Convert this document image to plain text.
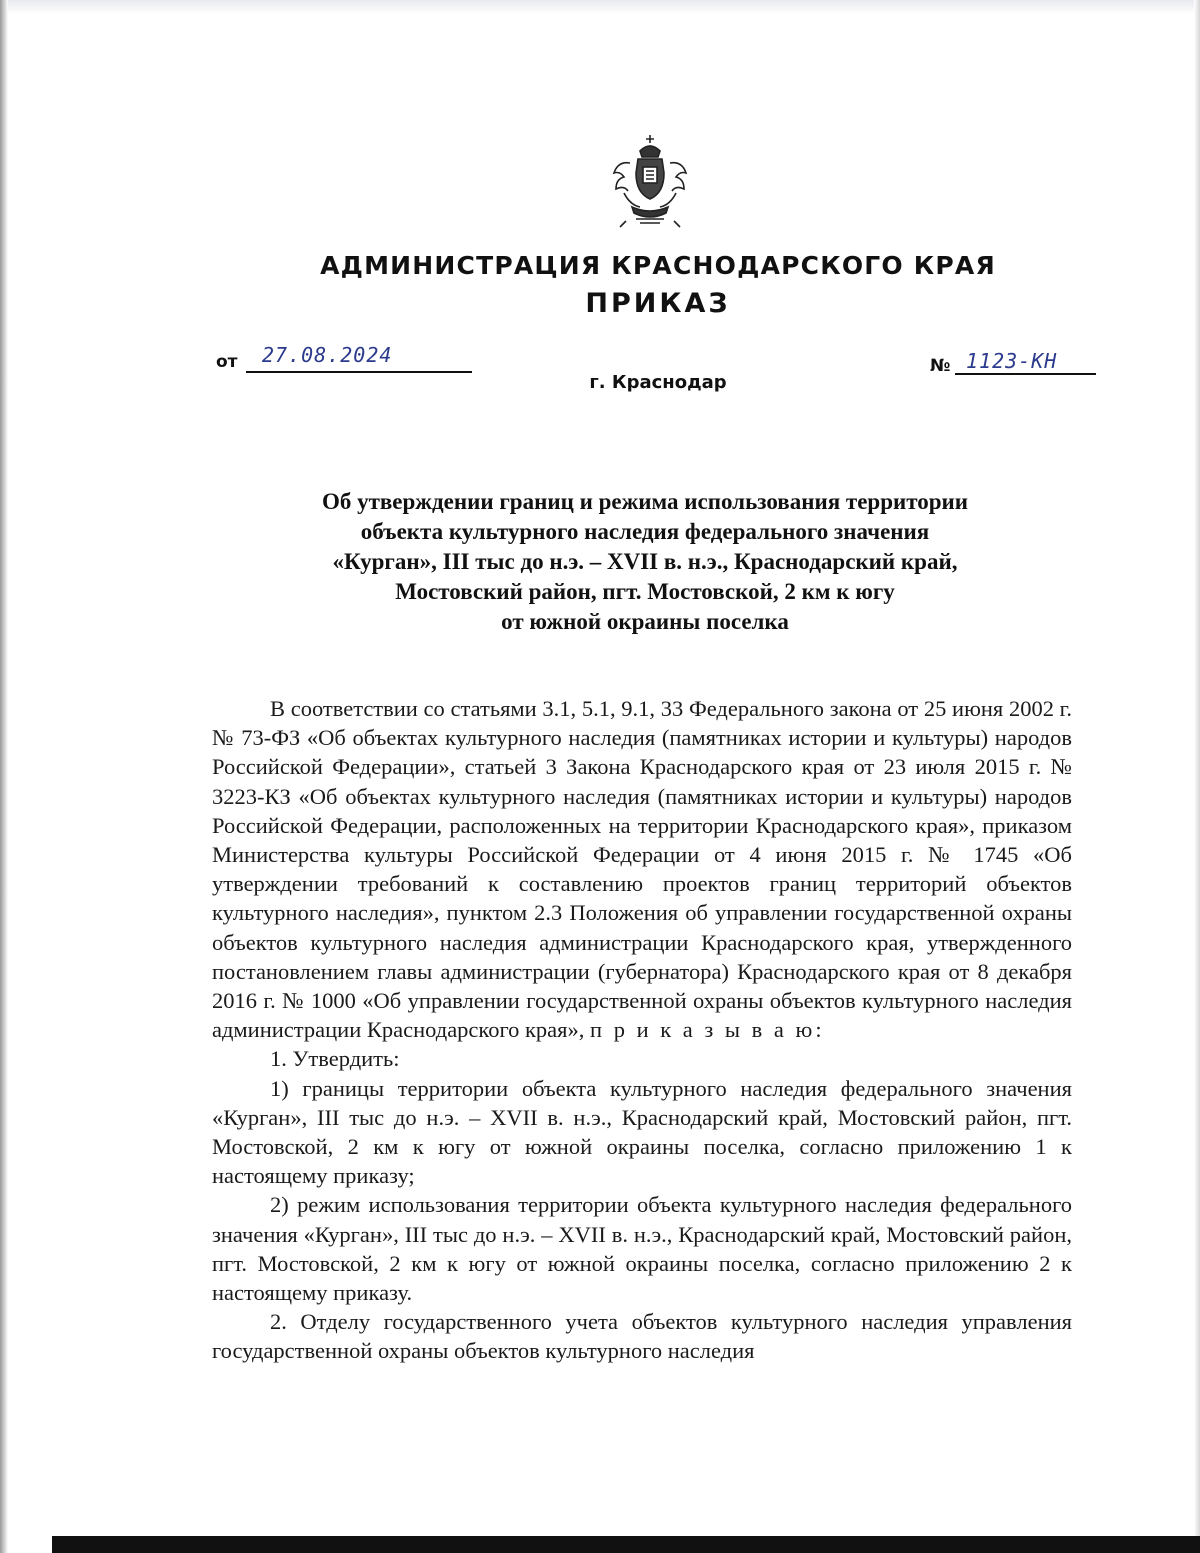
АДМИНИСТРАЦИЯ КРАСНОДАРСКОГО КРАЯ
ПРИКАЗ
от 27.08.2024	№ 1123-КН
г. Краснодар
Об утверждении границ и режима использования территории
объекта культурного наследия федерального значения
«Курган», III тыс до н.э. – XVII в. н.э., Краснодарский край,
Мостовский район, пгт. Мостовской, 2 км к югу
от южной окраины поселка
В соответствии со статьями 3.1, 5.1, 9.1, 33 Федерального закона от 25 июня 2002 г. № 73-ФЗ «Об объектах культурного наследия (памятниках истории и культуры) народов Российской Федерации», статьей 3 Закона Краснодарского края от 23 июля 2015 г. № 3223-КЗ «Об объектах культурного наследия (памятниках истории и культуры) народов Российской Федерации, расположенных на территории Краснодарского края», приказом Министерства культуры Российской Федерации от 4 июня 2015 г. № 1745 «Об утверждении требований к составлению проектов границ территорий объектов культурного наследия», пунктом 2.3 Положения об управлении государственной охраны объектов культурного наследия администрации Краснодарского края, утвержденного постановлением главы администрации (губернатора) Краснодарского края от 8 декабря 2016 г. № 1000 «Об управлении государственной охраны объектов культурного наследия администрации Краснодарского края», п р и к а з ы в а ю:
1. Утвердить:
1) границы территории объекта культурного наследия федерального значения «Курган», III тыс до н.э. – XVII в. н.э., Краснодарский край, Мостовский район, пгт. Мостовской, 2 км к югу от южной окраины поселка, согласно приложению 1 к настоящему приказу;
2) режим использования территории объекта культурного наследия федерального значения «Курган», III тыс до н.э. – XVII в. н.э., Краснодарский край, Мостовский район, пгт. Мостовской, 2 км к югу от южной окраины поселка, согласно приложению 2 к настоящему приказу.
2. Отделу государственного учета объектов культурного наследия управления государственной охраны объектов культурного наследия
